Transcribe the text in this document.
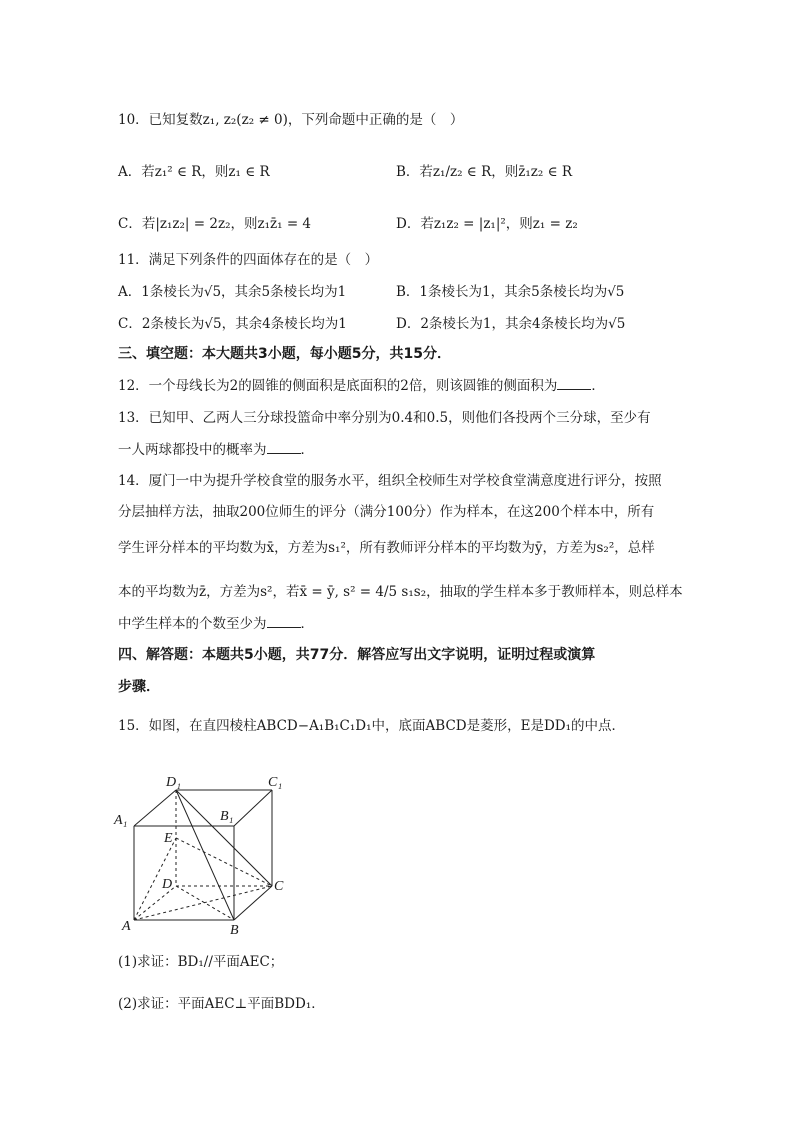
10．已知复数z₁, z₂(z₂ ≠ 0)，下列命题中正确的是（　）
A．若z₁² ∈ R，则z₁ ∈ R	B．若z₁/z₂ ∈ R，则z̄₁z₂ ∈ R
C．若|z₁z₂| = 2z₂，则z₁z̄₁ = 4	D．若z₁z₂ = |z₁|²，则z₁ = z₂
11．满足下列条件的四面体存在的是（　）
A．1条棱长为√5，其余5条棱长均为1	B．1条棱长为1，其余5条棱长均为√5
C．2条棱长为√5，其余4条棱长均为1	D．2条棱长为1，其余4条棱长均为√5
三、填空题：本大题共3小题，每小题5分，共15分．
12．一个母线长为2的圆锥的侧面积是底面积的2倍，则该圆锥的侧面积为	．
13．已知甲、乙两人三分球投篮命中率分别为0.4和0.5，则他们各投两个三分球，至少有
一人两球都投中的概率为	．
14．厦门一中为提升学校食堂的服务水平，组织全校师生对学校食堂满意度进行评分，按照
分层抽样方法，抽取200位师生的评分（满分100分）作为样本，在这200个样本中，所有
学生评分样本的平均数为x̄，方差为s₁²，所有教师评分样本的平均数为ȳ，方差为s₂²，总样
本的平均数为z̄，方差为s²，若x̄ = ȳ, s² = 4/5 s₁s₂，抽取的学生样本多于教师样本，则总样本
中学生样本的个数至少为	．
四、解答题：本题共5小题，共77分．解答应写出文字说明，证明过程或演算
步骤．
15．如图，在直四棱柱ABCD−A₁B₁C₁D₁中，底面ABCD是菱形，E是DD₁的中点．
D₁	C₁
A₁	B₁
E
D	C
A	B
(1)求证：BD₁//平面AEC；
(2)求证：平面AEC⊥平面BDD₁．
